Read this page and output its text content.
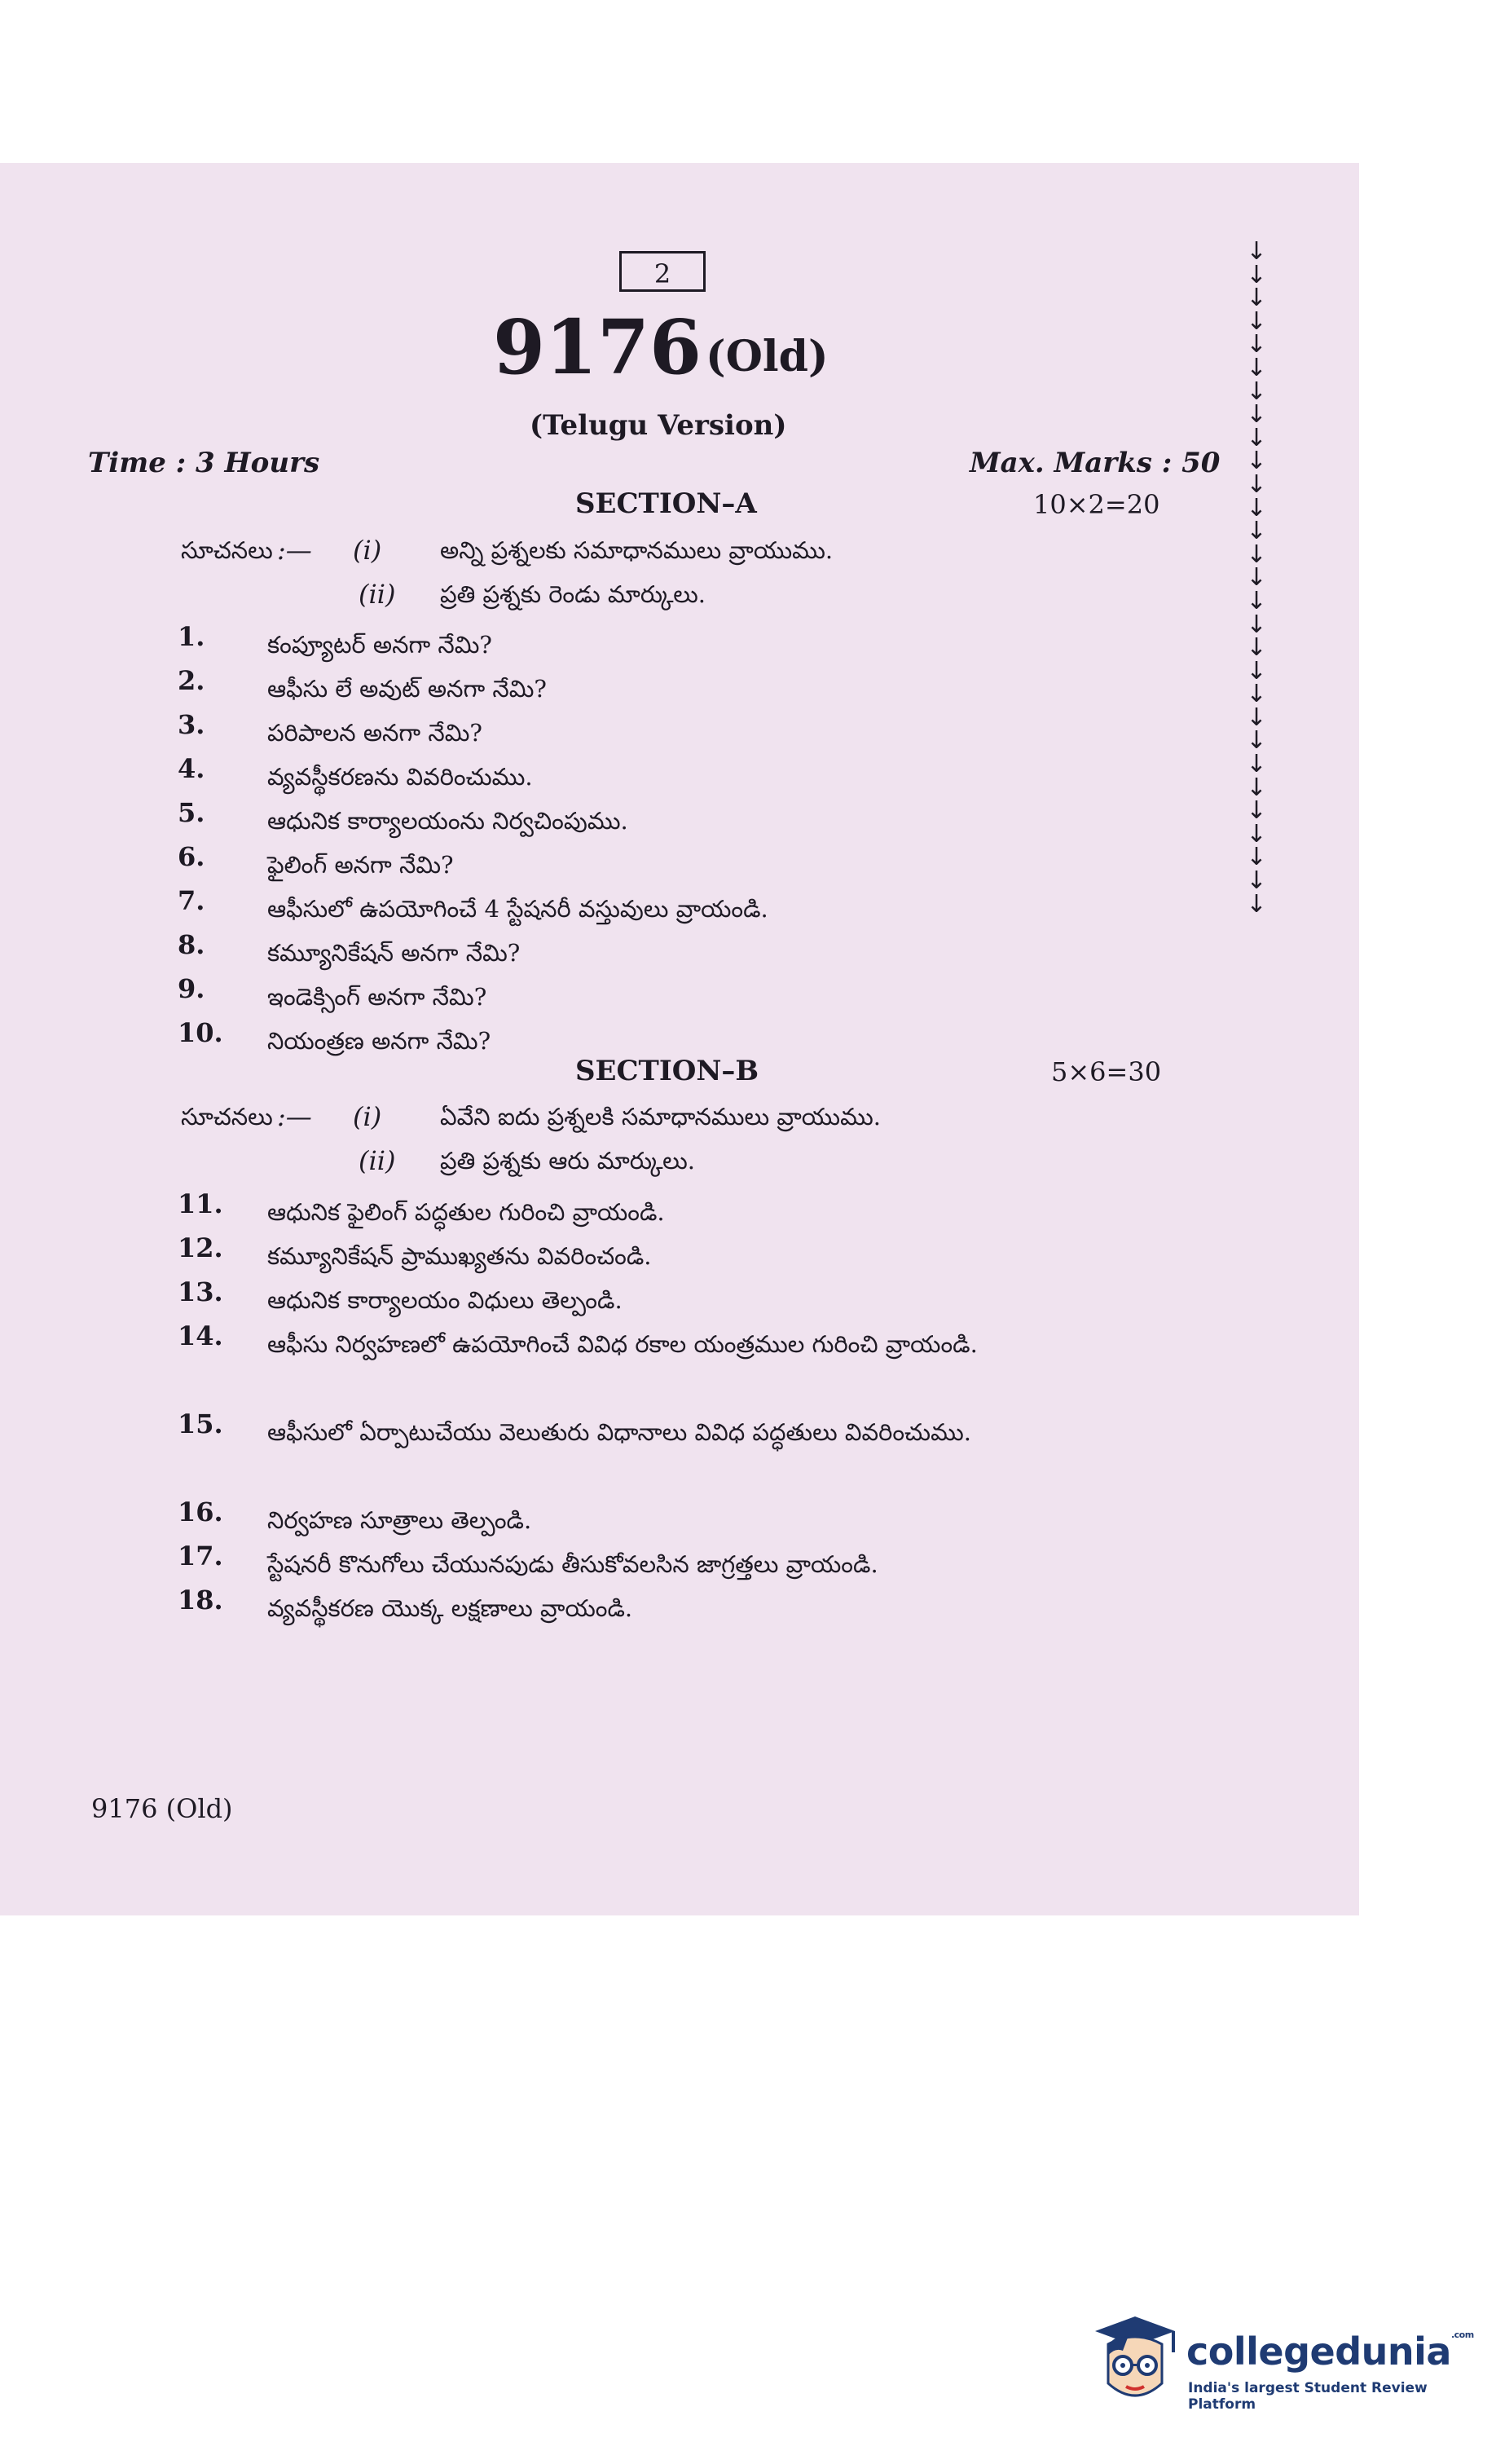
2
9176 (Old)
(Telugu Version)
Time : 3 Hours	Max. Marks : 50
SECTION–A	10×2=20
సూచనలు :— (i) అన్ని ప్రశ్నలకు సమాధానములు వ్రాయుము.
(ii) ప్రతి ప్రశ్నకు రెండు మార్కులు.
1.	కంప్యూటర్ అనగా నేమి?
2.	ఆఫీసు లే అవుట్ అనగా నేమి?
3.	పరిపాలన అనగా నేమి?
4.	వ్యవస్థీకరణను వివరించుము.
5.	ఆధునిక కార్యాలయంను నిర్వచింపుము.
6.	ఫైలింగ్ అనగా నేమి?
7.	ఆఫీసులో ఉపయోగించే 4 స్టేషనరీ వస్తువులు వ్రాయండి.
8.	కమ్యూనికేషన్ అనగా నేమి?
9.	ఇండెక్సింగ్ అనగా నేమి?
10. నియంత్రణ అనగా నేమి?
SECTION–B	5×6=30
సూచనలు :— (i) ఏవేని ఐదు ప్రశ్నలకి సమాధానములు వ్రాయుము.
(ii) ప్రతి ప్రశ్నకు ఆరు మార్కులు.
11. ఆధునిక ఫైలింగ్ పద్ధతుల గురించి వ్రాయండి.
12. కమ్యూనికేషన్ ప్రాముఖ్యతను వివరించండి.
13. ఆధునిక కార్యాలయం విధులు తెల్పండి.
14. ఆఫీసు నిర్వహణలో ఉపయోగించే వివిధ రకాల యంత్రముల గురించి వ్రాయండి.
15. ఆఫీసులో ఏర్పాటుచేయు వెలుతురు విధానాలు వివిధ పద్ధతులు వివరించుము.
16. నిర్వహణ సూత్రాలు తెల్పండి.
17. స్టేషనరీ కొనుగోలు చేయునపుడు తీసుకోవలసిన జాగ్రత్తలు వ్రాయండి.
18. వ్యవస్థీకరణ యొక్క లక్షణాలు వ్రాయండి.
9176 (Old)
↓
↓
↓
↓
↓
↓
↓
↓
↓
↓
↓
↓
↓
↓
↓
↓
↓
↓
↓
↓
↓
↓
↓
↓
↓
↓
↓
↓
↓
collegedunia$^{.com}$
India's largest Student Review Platform
